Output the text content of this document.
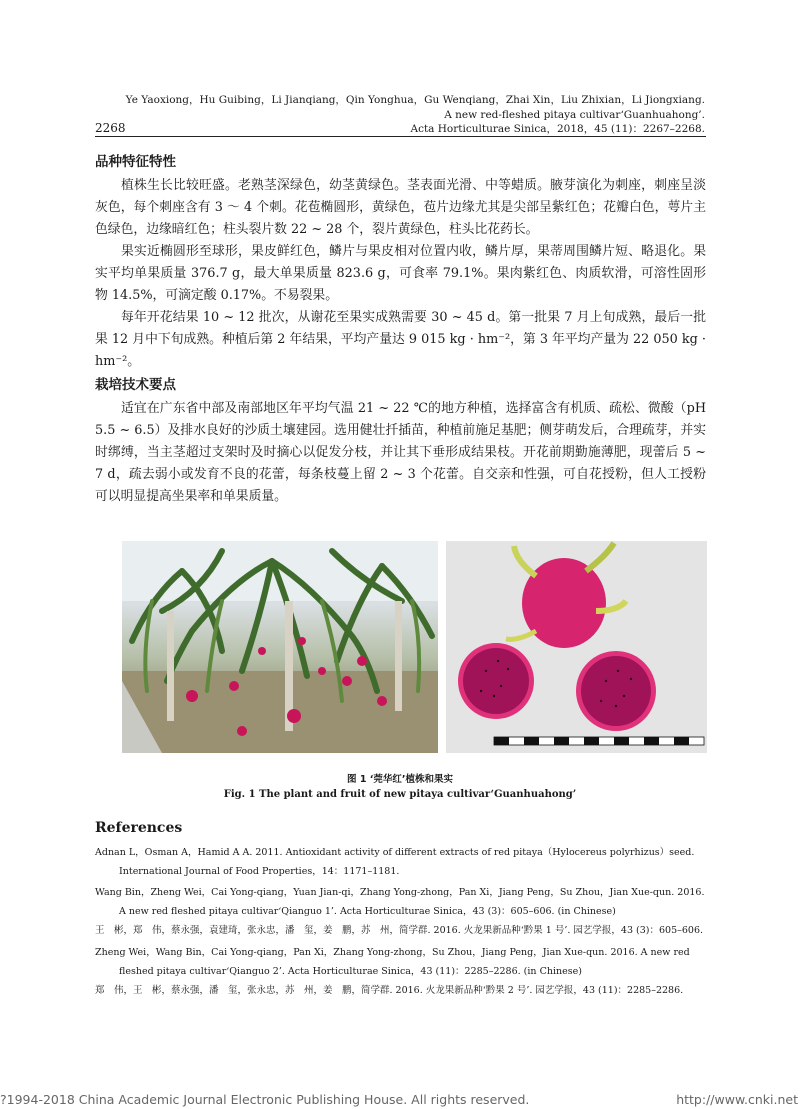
Ye Yaoxiong，Hu Guibing，Li Jianqiang，Qin Yonghua，Gu Wenqiang，Zhai Xin，Liu Zhixian，Li Jiongxiang.
A new red-fleshed pitaya cultivar‘Guanhuahong’.
Acta Horticulturae Sinica，2018，45 (11)：2267–2268.
2268
品种特征特性

植株生长比较旺盛。老熟茎深绿色，幼茎黄绿色。茎表面光滑、中等蜡质。腋芽演化为刺座，刺座呈淡灰色，每个刺座含有 3 ～ 4 个刺。花苞椭圆形，黄绿色，苞片边缘尤其是尖部呈紫红色；花瓣白色，萼片主色绿色，边缘暗红色；柱头裂片数 22 ~ 28 个，裂片黄绿色，柱头比花药长。

果实近椭圆形至球形，果皮鲜红色，鳞片与果皮相对位置内收，鳞片厚，果蒂周围鳞片短、略退化。果实平均单果质量 376.7 g，最大单果质量 823.6 g，可食率 79.1%。果肉紫红色、肉质软滑，可溶性固形物 14.5%，可滴定酸 0.17%。不易裂果。

每年开花结果 10 ~ 12 批次，从谢花至果实成熟需要 30 ~ 45 d。第一批果 7 月上旬成熟，最后一批果 12 月中下旬成熟。种植后第 2 年结果，平均产量达 9 015 kg · hm⁻²，第 3 年平均产量为 22 050 kg · hm⁻²。

栽培技术要点

适宜在广东省中部及南部地区年平均气温 21 ~ 22 ℃的地方种植，选择富含有机质、疏松、微酸（pH 5.5 ~ 6.5）及排水良好的沙质土壤建园。选用健壮扦插苗，种植前施足基肥；侧芽萌发后，合理疏芽，并实时绑缚，当主茎超过支架时及时摘心以促发分枝，并让其下垂形成结果枝。开花前期勤施薄肥，现蕾后 5 ~ 7 d，疏去弱小或发育不良的花蕾，每条枝蔓上留 2 ~ 3 个花蕾。自交亲和性强，可自花授粉，但人工授粉可以明显提高坐果率和单果质量。

图 1 ‘莞华红’植株和果实
Fig. 1 The plant and fruit of new pitaya cultivar‘Guanhuahong’
References
Adnan L，Osman A，Hamid A A. 2011. Antioxidant activity of different extracts of red pitaya（Hylocereus polyrhizus）seed. International Journal of Food Properties，14：1171–1181.
Wang Bin，Zheng Wei，Cai Yong-qiang，Yuan Jian-qi，Zhang Yong-zhong，Pan Xi，Jiang Peng，Su Zhou，Jian Xue-qun. 2016. A new red fleshed pitaya cultivar‘Qianguo 1’. Acta Horticulturae Sinica，43 (3)：605–606. (in Chinese)
王　彬，郑　伟，蔡永强，袁建琦，张永忠，潘　玺，姜　鹏，苏　州，简学群. 2016. 火龙果新品种‘黔果 1 号’. 园艺学报，43 (3)：605–606.
Zheng Wei，Wang Bin，Cai Yong-qiang，Pan Xi，Zhang Yong-zhong，Su Zhou，Jiang Peng，Jian Xue-qun. 2016. A new red fleshed pitaya cultivar‘Qianguo 2’. Acta Horticulturae Sinica，43 (11)：2285–2286. (in Chinese)
郑　伟，王　彬，蔡永强，潘　玺，张永忠，苏　州，姜　鹏，简学群. 2016. 火龙果新品种‘黔果 2 号’. 园艺学报，43 (11)：2285–2286.
?1994-2018 China Academic Journal Electronic Publishing House. All rights reserved.	http://www.cnki.net
